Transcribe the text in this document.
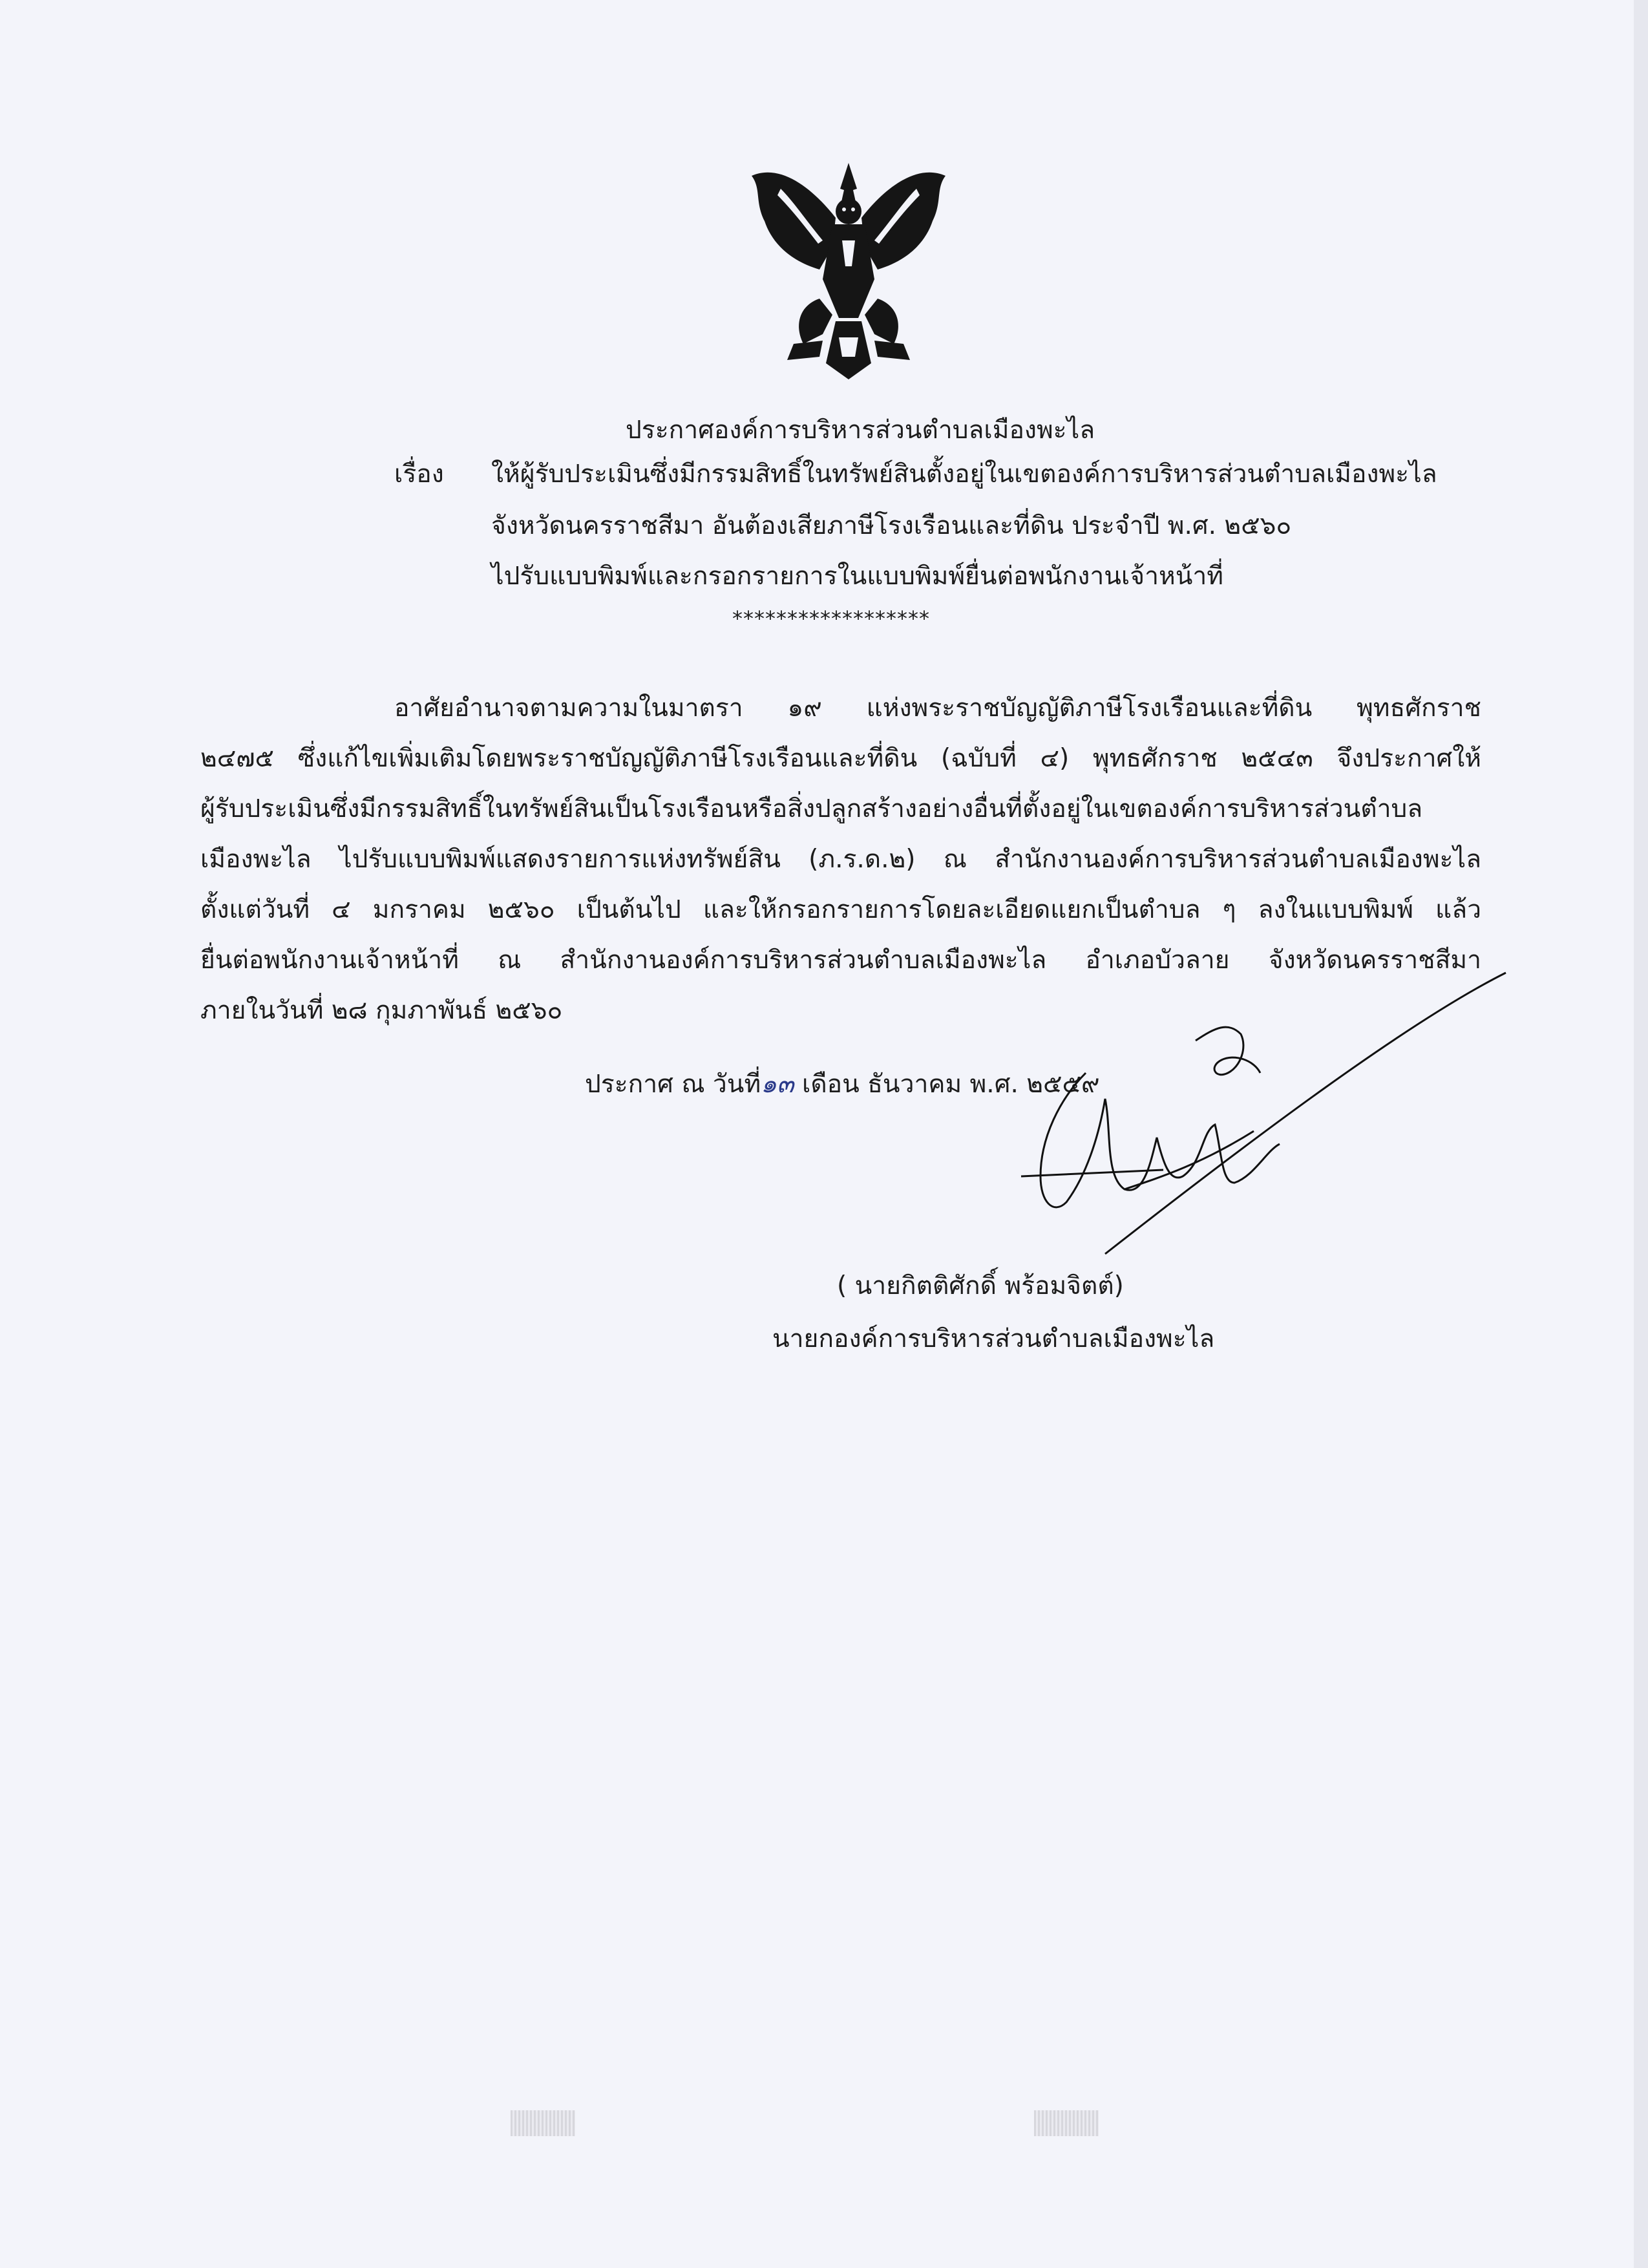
ประกาศองค์การบริหารส่วนตำบลเมืองพะไล
เรื่อง ให้ผู้รับประเมินซึ่งมีกรรมสิทธิ์ในทรัพย์สินตั้งอยู่ในเขตองค์การบริหารส่วนตำบลเมืองพะไล
จังหวัดนครราชสีมา อันต้องเสียภาษีโรงเรือนและที่ดิน ประจำปี พ.ศ. ๒๕๖๐
ไปรับแบบพิมพ์และกรอกรายการในแบบพิมพ์ยื่นต่อพนักงานเจ้าหน้าที่
******************
อาศัยอำนาจตามความในมาตรา ๑๙ แห่งพระราชบัญญัติภาษีโรงเรือนและที่ดิน พุทธศักราช
๒๔๗๕ ซึ่งแก้ไขเพิ่มเติมโดยพระราชบัญญัติภาษีโรงเรือนและที่ดิน (ฉบับที่ ๔) พุทธศักราช ๒๕๔๓ จึงประกาศให้
ผู้รับประเมินซึ่งมีกรรมสิทธิ์ในทรัพย์สินเป็นโรงเรือนหรือสิ่งปลูกสร้างอย่างอื่นที่ตั้งอยู่ในเขตองค์การบริหารส่วนตำบล
เมืองพะไล ไปรับแบบพิมพ์แสดงรายการแห่งทรัพย์สิน (ภ.ร.ด.๒) ณ สำนักงานองค์การบริหารส่วนตำบลเมืองพะไล
ตั้งแต่วันที่ ๔ มกราคม ๒๕๖๐ เป็นต้นไป และให้กรอกรายการโดยละเอียดแยกเป็นตำบล ๆ ลงในแบบพิมพ์ แล้ว
ยื่นต่อพนักงานเจ้าหน้าที่ ณ สำนักงานองค์การบริหารส่วนตำบลเมืองพะไล อำเภอบัวลาย จังหวัดนครราชสีมา
ภายในวันที่ ๒๘ กุมภาพันธ์ ๒๕๖๐
ประกาศ ณ วันที่๑๓ เดือน ธันวาคม พ.ศ. ๒๕๕๙
( นายกิตติศักดิ์ พร้อมจิตต์)
นายกองค์การบริหารส่วนตำบลเมืองพะไล
